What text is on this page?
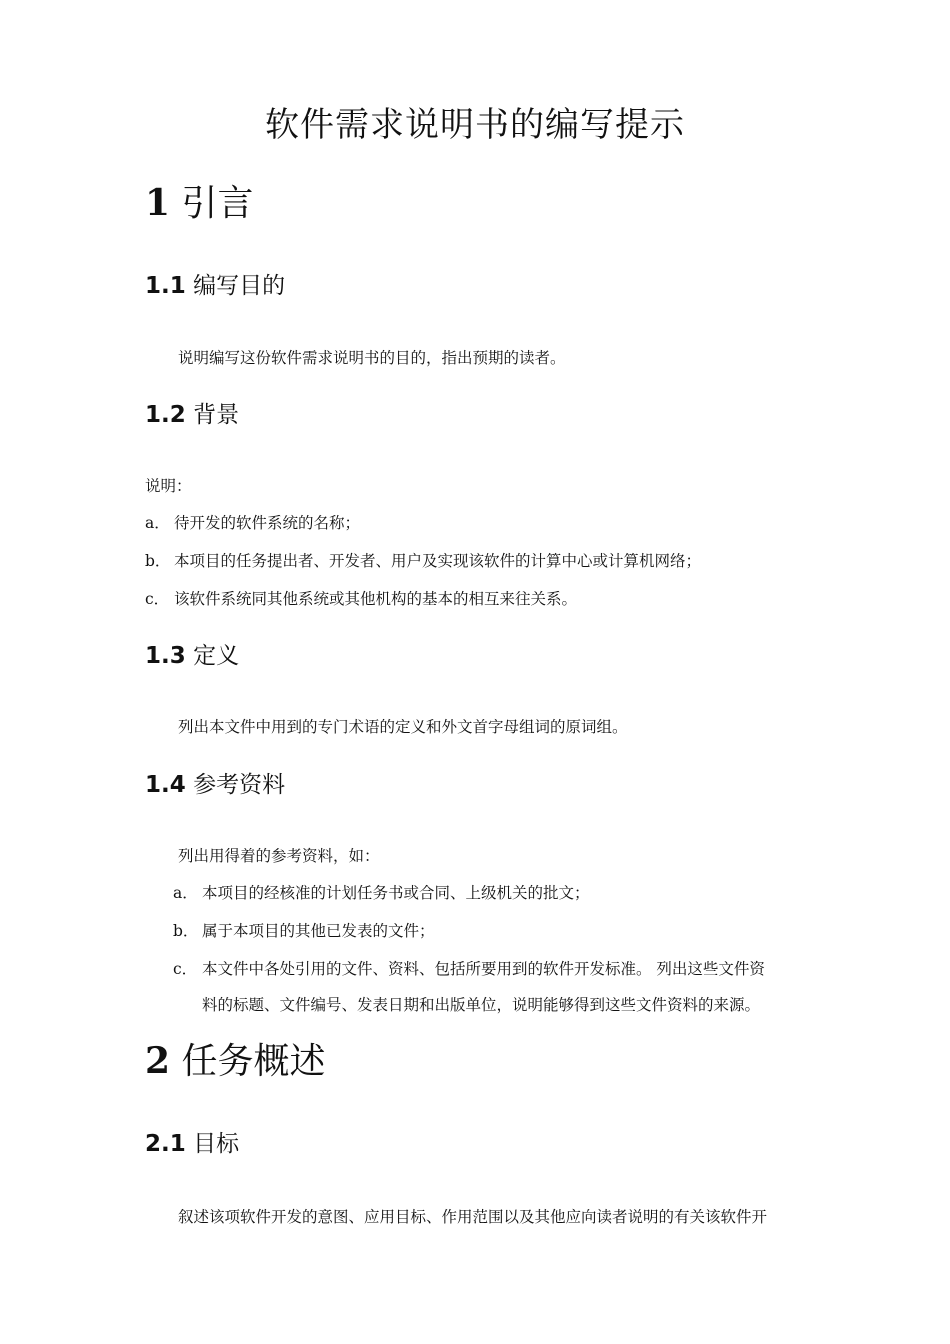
软件需求说明书的编写提示
1 引言
1.1 编写目的
说明编写这份软件需求说明书的目的，指出预期的读者。
1.2 背景
说明：
a． 待开发的软件系统的名称；
b． 本项目的任务提出者、开发者、用户及实现该软件的计算中心或计算机网络；
c． 该软件系统同其他系统或其他机构的基本的相互来往关系。
1.3 定义
列出本文件中用到的专门术语的定义和外文首字母组词的原词组。
1.4 参考资料
列出用得着的参考资料，如：
a． 本项目的经核准的计划任务书或合同、上级机关的批文；
b． 属于本项目的其他已发表的文件；
c． 本文件中各处引用的文件、资料、包括所要用到的软件开发标准。 列出这些文件资
料的标题、文件编号、发表日期和出版单位，说明能够得到这些文件资料的来源。
2 任务概述
2.1 目标
叙述该项软件开发的意图、应用目标、作用范围以及其他应向读者说明的有关该软件开
